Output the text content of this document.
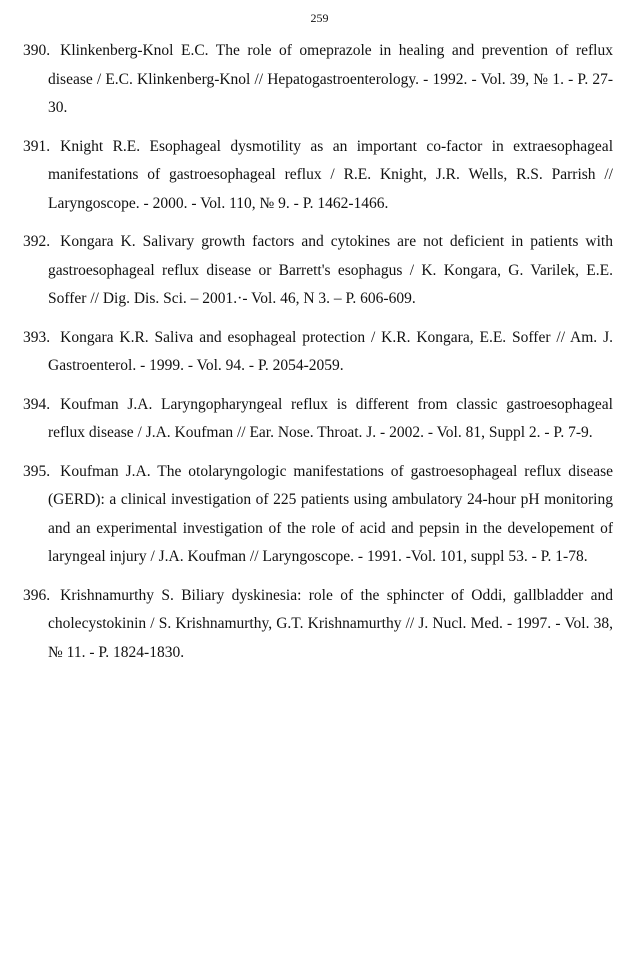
259
390. Klinkenberg-Knol E.C. The role of omeprazole in healing and prevention of reflux disease / E.C. Klinkenberg-Knol // Hepatogastroenterology. - 1992. - Vol. 39, № 1. - P. 27-30.
391. Knight R.E. Esophageal dysmotility as an important co-factor in extraesophageal manifestations of gastroesophageal reflux / R.E. Knight, J.R. Wells, R.S. Parrish // Laryngoscope. - 2000. - Vol. 110, № 9. - P. 1462-1466.
392. Kongara K. Salivary growth factors and cytokines are not deficient in patients with gastroesophageal reflux disease or Barrett's esophagus / K. Kongara, G. Varilek, E.E. Soffer // Dig. Dis. Sci. – 2001.·- Vol. 46, N 3. – P. 606-609.
393. Kongara K.R. Saliva and esophageal protection / K.R. Kongara, E.E. Soffer // Am. J. Gastroenterol. - 1999. - Vol. 94. - P. 2054-2059.
394. Koufman J.A. Laryngopharyngeal reflux is different from classic gastroesophageal reflux disease / J.A. Koufman // Ear. Nose. Throat. J. - 2002. - Vol. 81, Suppl 2. - P. 7-9.
395. Koufman J.A. The otolaryngologic manifestations of gastroesophageal reflux disease (GERD): a clinical investigation of 225 patients using ambulatory 24-hour pH monitoring and an experimental investigation of the role of acid and pepsin in the developement of laryngeal injury / J.A. Koufman // Laryngoscope. - 1991. -Vol. 101, suppl 53. - P. 1-78.
396. Krishnamurthy S. Biliary dyskinesia: role of the sphincter of Oddi, gallbladder and cholecystokinin / S. Krishnamurthy, G.T. Krishnamurthy // J. Nucl. Med. - 1997. - Vol. 38, № 11. - P. 1824-1830.
